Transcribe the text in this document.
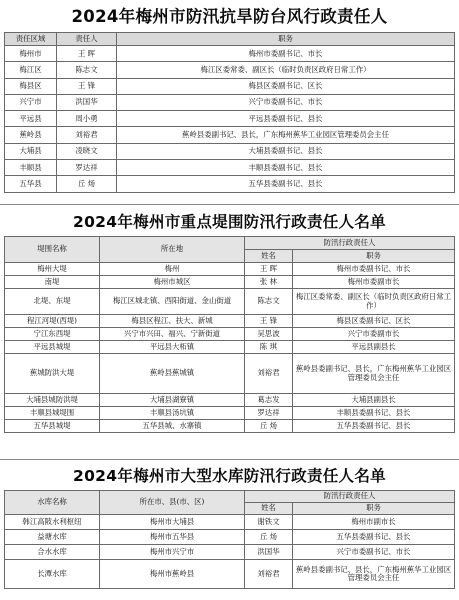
2024年梅州市防汛抗旱防台风行政责任人
责任区域	责任人	职务
梅州市	王 晖	梅州市委副书记、市长
梅江区	陈志文	梅江区委常委、副区长（临时负责区政府日常工作）
梅县区	王 锋	梅县区委副书记、区长
兴宁市	洪国华	兴宁市委副书记、市长
平远县	周小勇	平远县委副书记、县长
蕉岭县	刘裕君	蕉岭县委副书记、县长，广东梅州蕉华工业园区管理委员会主任
大埔县	凌晓文	大埔县委副书记、县长
丰顺县	罗达祥	丰顺县委副书记、县长
五华县	丘 炀	五华县委副书记、县长
2024年梅州市重点堤围防汛行政责任人名单
堤围名称	所在地	防汛行政责任人	
		姓名	职务
梅州大堤	梅州	王 晖	梅州市委副书记、市长
南堤	梅州市城区	张 林	梅州市委副市长
北堤、东堤	梅江区城北镇、西阳街道、金山街道	陈志文	梅江区委常委、副区长（临时负责区政府日常工作）
程江河堤(西堤)	梅县区程江、扶大、新城	王 锋	梅县区委副书记、区长
宁江东西堤	兴宁市兴田、福兴、宁新街道	吴思波	兴宁市委副市长
平远县城堤	平远县大柘镇	陈 琪	平远县副县长
蕉城防洪大堤	蕉岭县蕉城镇	刘裕君	蕉岭县委副书记、县长，广东梅州蕉华工业园区管理委员会主任
大埔县城防洪堤	大埔县湖寮镇	葛志发	大埔县副县长
丰顺县城堤围	丰顺县汤坑镇	罗达祥	丰顺县委副书记、县长
五华县城堤	五华县城、水寨镇	丘 炀	五华县委副书记、县长
2024年梅州市大型水库防汛行政责任人名单
水库名称	所在市、县(市、区)	防汛行政责任人	
		姓名	职务
韩江高陂水利枢纽	梅州市大埔县	谢铁文	梅州市副市长
益塘水库	梅州市五华县	丘 炀	五华县委副书记、县长
合水水库	梅州市兴宁市	洪国华	兴宁市委副书记、市长
长潭水库	梅州市蕉岭县	刘裕君	蕉岭县委副书记、县长，广东梅州蕉华工业园区管理委员会主任
